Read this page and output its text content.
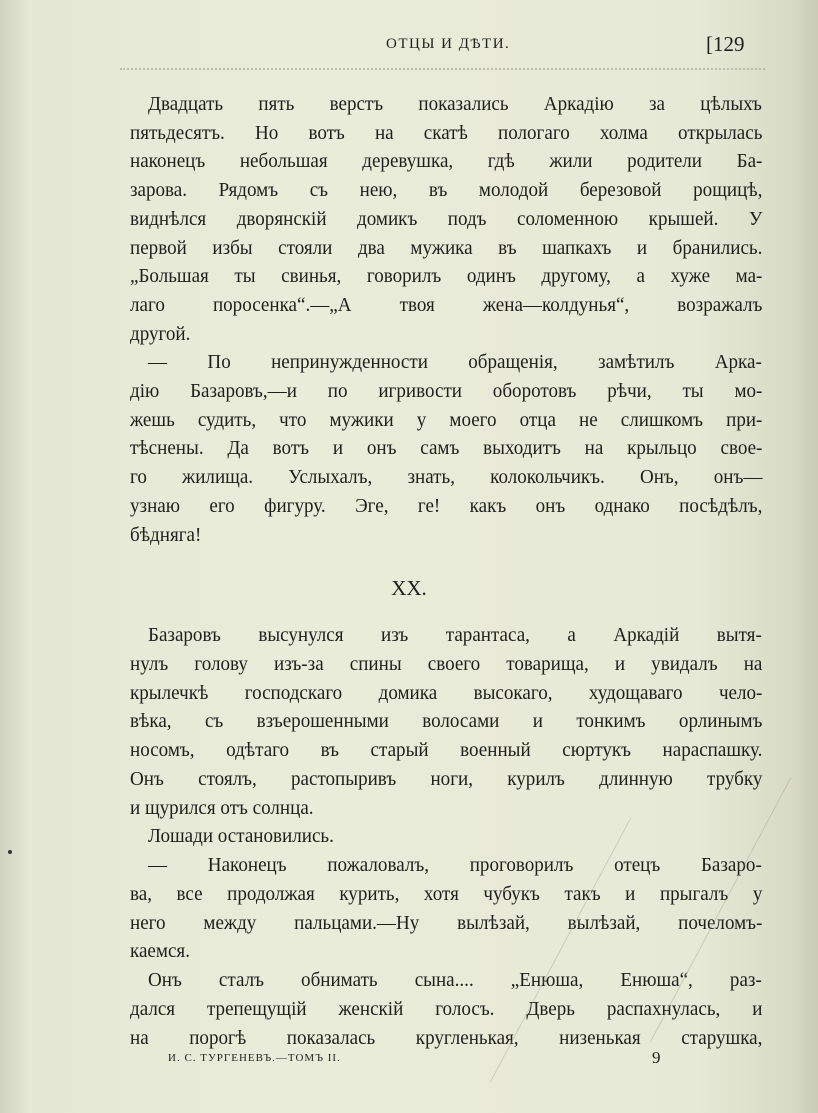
ОТЦЫ И ДѢТИ.	[129
Двадцать пять верстъ показались Аркадію за цѣлыхъ
пятьдесятъ. Но вотъ на скатѣ пологаго холма открылась
наконецъ небольшая деревушка, гдѣ жили родители Ба-
зарова. Рядомъ съ нею, въ молодой березовой рощицѣ,
виднѣлся дворянскій домикъ подъ соломенною крышей. У
первой избы стояли два мужика въ шапкахъ и бранились.
„Большая ты свинья, говорилъ одинъ другому, а хуже ма-
лаго поросенка“.—„А твоя жена—колдунья“, возражалъ
другой.
— По непринужденности обращенія, замѣтилъ Арка-
дію Базаровъ,—и по игривости оборотовъ рѣчи, ты мо-
жешь судить, что мужики у моего отца не слишкомъ при-
тѣснены. Да вотъ и онъ самъ выходитъ на крыльцо свое-
го жилища. Услыхалъ, знать, колокольчикъ. Онъ, онъ—
узнаю его фигуру. Эге, ге! какъ онъ однако посѣдѣлъ,
бѣдняга!
XX.
Базаровъ высунулся изъ тарантаса, а Аркадій вытя-
нулъ голову изъ-за спины своего товарища, и увидалъ на
крылечкѣ господскаго домика высокаго, худощаваго чело-
вѣка, съ взъерошенными волосами и тонкимъ орлинымъ
носомъ, одѣтаго въ старый военный сюртукъ нараспашку.
Онъ стоялъ, растопыривъ ноги, курилъ длинную трубку
и щурился отъ солнца.
Лошади остановились.
— Наконецъ пожаловалъ, проговорилъ отецъ Базаро-
ва, все продолжая курить, хотя чубукъ такъ и прыгалъ у
него между пальцами.—Ну вылѣзай, вылѣзай, почеломъ-
каемся.
Онъ сталъ обнимать сына.... „Енюша, Енюша“, раз-
дался трепещущій женскій голосъ. Дверь распахнулась, и
на порогѣ показалась кругленькая, низенькая старушка,
И. С. ТУРГЕНЕВЪ.—ТОМЪ II.	9
